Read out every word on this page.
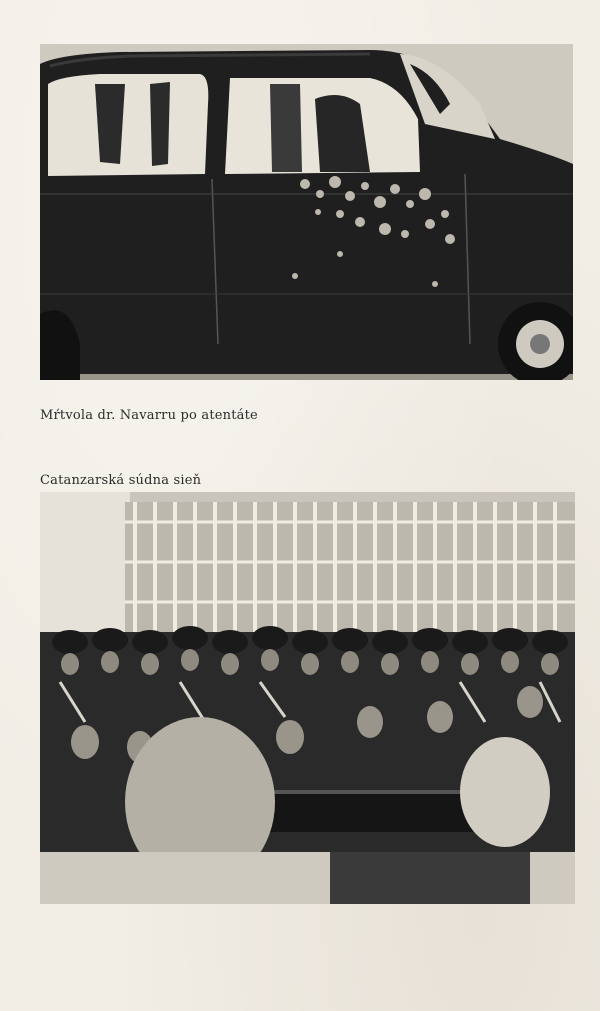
Mŕtvola dr. Navarru po atentáte

Catanzarská súdna sieň
